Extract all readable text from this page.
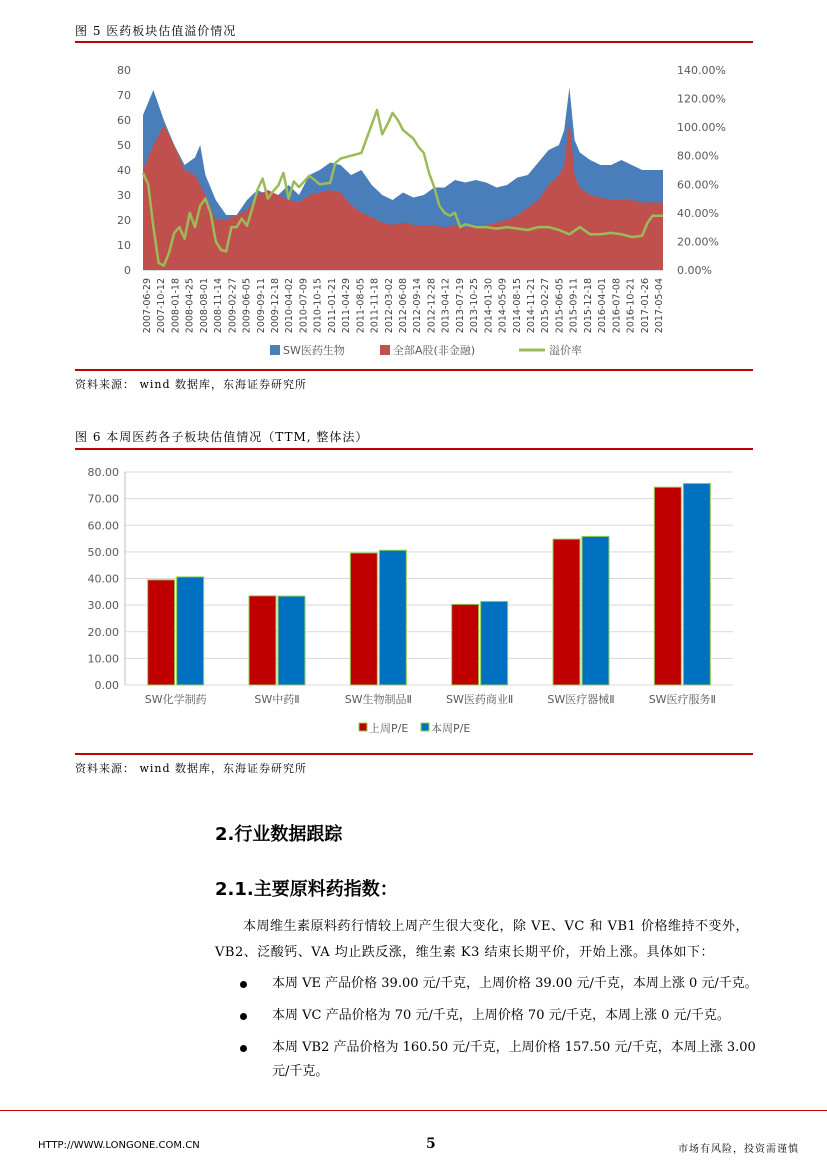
图 5 医药板块估值溢价情况
0
10
20
30
40
50
60
70
80
0.00%
20.00%
40.00%
60.00%
80.00%
100.00%
120.00%
140.00%
2007-06-29 2007-10-12 2008-01-18 2008-04-25 2008-08-01 2008-11-14 2009-02-27 2009-06-05 2009-09-11 2009-12-18 2010-04-02 2010-07-09 2010-10-15 2011-01-21 2011-04-29 2011-08-05 2011-11-18 2012-03-02 2012-06-08 2012-09-14 2012-12-28 2013-04-12 2013-07-19 2013-10-25 2014-01-30 2014-05-09 2014-08-15 2014-11-21 2015-02-27 2015-06-05 2015-09-11 2015-12-18 2016-04-01 2016-07-08 2016-10-21 2017-01-26 2017-05-04
SW医药生物	全部A股(非金融)	溢价率
资料来源： wind 数据库，东海证券研究所
图 6 本周医药各子板块估值情况（TTM, 整体法）
0.00
10.00
20.00
30.00
40.00
50.00
60.00
70.00
80.00
SW化学制药	SW中药Ⅱ	SW生物制品Ⅱ	SW医药商业Ⅱ	SW医疗器械Ⅱ	SW医疗服务Ⅱ
上周P/E 本周P/E
资料来源： wind 数据库，东海证券研究所
2.行业数据跟踪
2.1.主要原料药指数：
本周维生素原料药行情较上周产生很大变化，除 VE、VC 和 VB1 价格维持不变外，
VB2、泛酸钙、VA 均止跌反涨，维生素 K3 结束长期平价，开始上涨。具体如下：
本周 VE 产品价格 39.00 元/千克，上周价格 39.00 元/千克，本周上涨 0 元/千克。
本周 VC 产品价格为 70 元/千克，上周价格 70 元/千克，本周上涨 0 元/千克。
本周 VB2 产品价格为 160.50 元/千克，上周价格 157.50 元/千克，本周上涨 3.00
元/千克。
HTTP://WWW.LONGONE.COM.CN	5	市场有风险，投资需谨慎
